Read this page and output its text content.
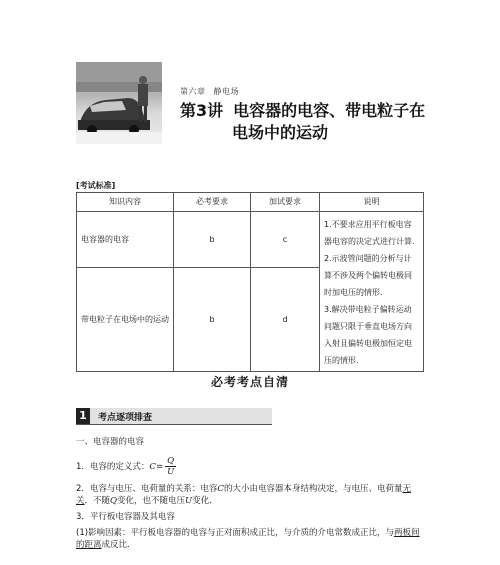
第六章 静电场
第3讲 电容器的电容、带电粒子在
电场中的运动
[考试标准]
知识内容	必考要求	加试要求	说明
电容器的电容	b	c	1.不要求应用平行板电容器电容的决定式进行计算.
2.示波管问题的分析与计算不涉及两个偏转电极同时加电压的情形.
3.解决带电粒子偏转运动问题只限于垂直电场方向入射且偏转电极加恒定电压的情形.

带电粒子在电场中的运动	b	d	
必考考点自清
1	考点逐项排查

一、电容器的电容

1．电容的定义式： $C = \frac{Q}{U}$

2．电容与电压、电荷量的关系：电容C的大小由电容器本身结构决定，与电压、电荷量无关．不随Q变化，也不随电压U变化．

3．平行板电容器及其电容

(1)影响因素：平行板电容器的电容与正对面积成正比，与介质的介电常数成正比，与两板间
的距离成反比．
